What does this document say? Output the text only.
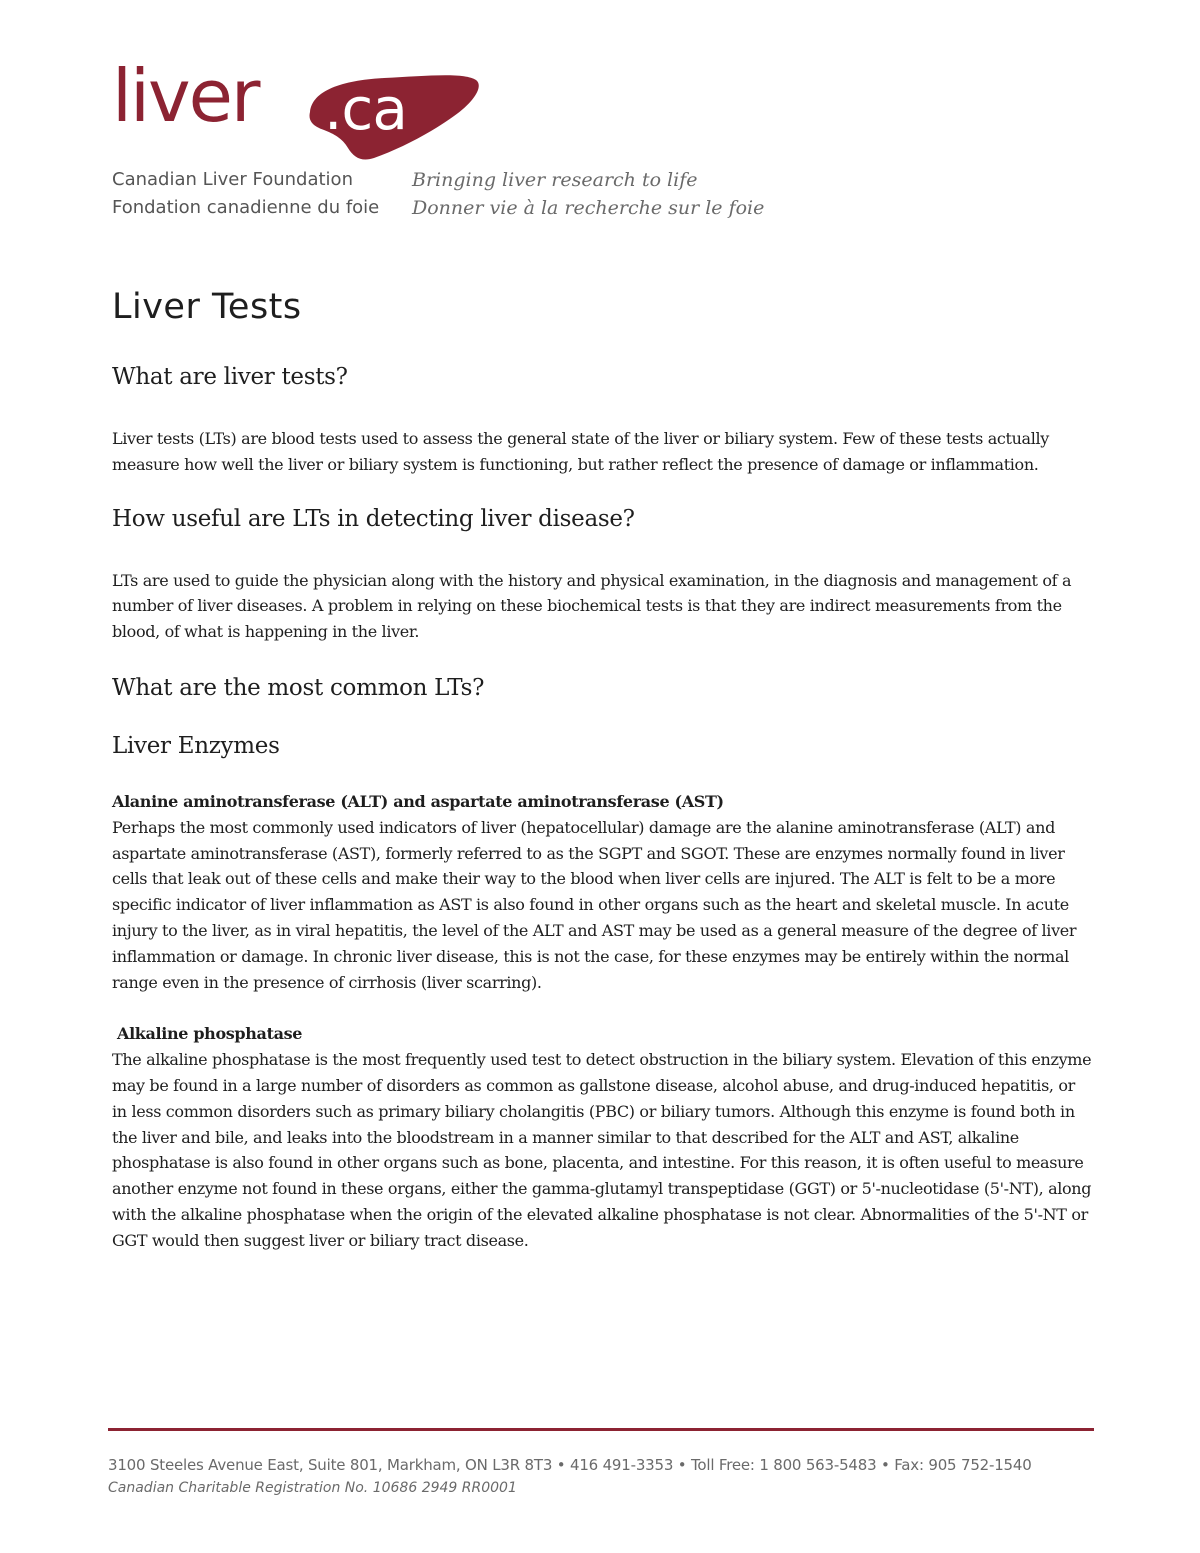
liver .ca
Canadian Liver Foundation
Fondation canadienne du foie
Bringing liver research to life
Donner vie à la recherche sur le foie
Liver Tests
What are liver tests?

Liver tests (LTs) are blood tests used to assess the general state of the liver or biliary system. Few of these tests actually measure how well the liver or biliary system is functioning, but rather reflect the presence of damage or inflammation.

How useful are LTs in detecting liver disease?

LTs are used to guide the physician along with the history and physical examination, in the diagnosis and management of a number of liver diseases. A problem in relying on these biochemical tests is that they are indirect measurements from the blood, of what is happening in the liver.

What are the most common LTs?
Liver Enzymes
Alanine aminotransferase (ALT) and aspartate aminotransferase (AST)

Perhaps the most commonly used indicators of liver (hepatocellular) damage are the alanine aminotransferase (ALT) and aspartate aminotransferase (AST), formerly referred to as the SGPT and SGOT. These are enzymes normally found in liver cells that leak out of these cells and make their way to the blood when liver cells are injured. The ALT is felt to be a more specific indicator of liver inflammation as AST is also found in other organs such as the heart and skeletal muscle. In acute injury to the liver, as in viral hepatitis, the level of the ALT and AST may be used as a general measure of the degree of liver inflammation or damage. In chronic liver disease, this is not the case, for these enzymes may be entirely within the normal range even in the presence of cirrhosis (liver scarring).

Alkaline phosphatase

The alkaline phosphatase is the most frequently used test to detect obstruction in the biliary system. Elevation of this enzyme may be found in a large number of disorders as common as gallstone disease, alcohol abuse, and drug-induced hepatitis, or in less common disorders such as primary biliary cholangitis (PBC) or biliary tumors. Although this enzyme is found both in the liver and bile, and leaks into the bloodstream in a manner similar to that described for the ALT and AST, alkaline phosphatase is also found in other organs such as bone, placenta, and intestine. For this reason, it is often useful to measure another enzyme not found in these organs, either the gamma-glutamyl transpeptidase (GGT) or 5'-nucleotidase (5'-NT), along with the alkaline phosphatase when the origin of the elevated alkaline phosphatase is not clear. Abnormalities of the 5'-NT or GGT would then suggest liver or biliary tract disease.

3100 Steeles Avenue East, Suite 801, Markham, ON L3R 8T3 • 416 491-3353 • Toll Free: 1 800 563-5483 • Fax: 905 752-1540
Canadian Charitable Registration No. 10686 2949 RR0001
